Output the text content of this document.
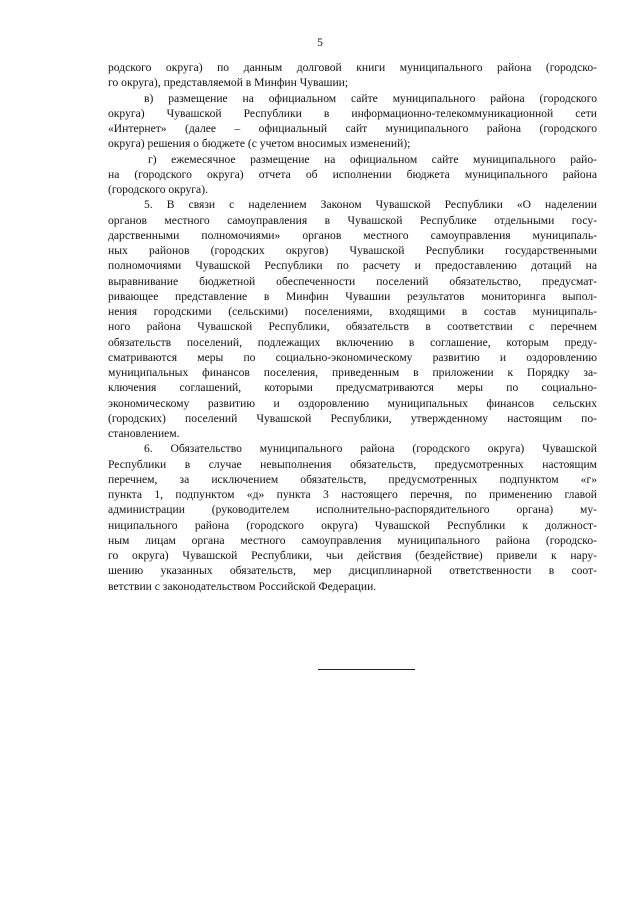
5
родского округа) по данным долговой книги муниципального района (городско-
го округа), представляемой в Минфин Чувашии;
в) размещение на официальном сайте муниципального района (городского
округа) Чувашской Республики в информационно-телекоммуникационной сети
«Интернет» (далее – официальный сайт муниципального района (городского
округа) решения о бюджете (с учетом вносимых изменений);
г) ежемесячное размещение на официальном сайте муниципального райо-
на (городского округа) отчета об исполнении бюджета муниципального района
(городского округа).
5. В связи с наделением Законом Чувашской Республики «О наделении
органов местного самоуправления в Чувашской Республике отдельными госу-
дарственными полномочиями» органов местного самоуправления муниципаль-
ных районов (городских округов) Чувашской Республики государственными
полномочиями Чувашской Республики по расчету и предоставлению дотаций на
выравнивание бюджетной обеспеченности поселений обязательство, предусмат-
ривающее представление в Минфин Чувашии результатов мониторинга выпол-
нения городскими (сельскими) поселениями, входящими в состав муниципаль-
ного района Чувашской Республики, обязательств в соответствии с перечнем
обязательств поселений, подлежащих включению в соглашение, которым преду-
сматриваются меры по социально-экономическому развитию и оздоровлению
муниципальных финансов поселения, приведенным в приложении к Порядку за-
ключения соглашений, которыми предусматриваются меры по социально-
экономическому развитию и оздоровлению муниципальных финансов сельских
(городских) поселений Чувашской Республики, утвержденному настоящим по-
становлением.
6. Обязательство муниципального района (городского округа) Чувашской
Республики в случае невыполнения обязательств, предусмотренных настоящим
перечнем, за исключением обязательств, предусмотренных подпунктом «г»
пункта 1, подпунктом «д» пункта 3 настоящего перечня, по применению главой
администрации (руководителем исполнительно-распорядительного органа) му-
ниципального района (городского округа) Чувашской Республики к должност-
ным лицам органа местного самоуправления муниципального района (городско-
го округа) Чувашской Республики, чьи действия (бездействие) привели к нару-
шению указанных обязательств, мер дисциплинарной ответственности в соот-
ветствии с законодательством Российской Федерации.
